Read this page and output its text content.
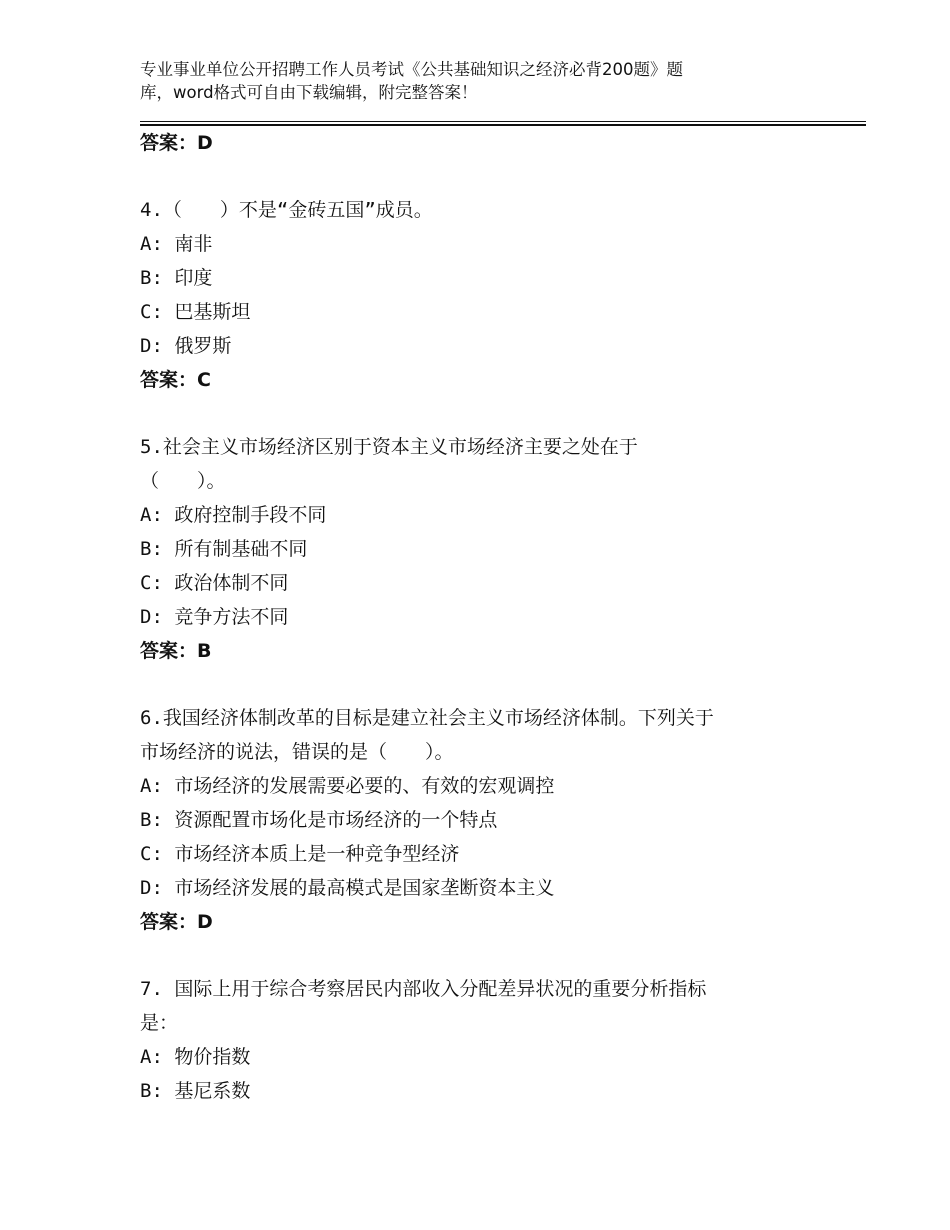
专业事业单位公开招聘工作人员考试《公共基础知识之经济必背200题》题
库，word格式可自由下载编辑，附完整答案！
答案：D
4.（　　）不是“金砖五国”成员。
A: 南非
B: 印度
C: 巴基斯坦
D: 俄罗斯
答案：C
5.社会主义市场经济区别于资本主义市场经济主要之处在于
（　　）。
A: 政府控制手段不同
B: 所有制基础不同
C: 政治体制不同
D: 竞争方法不同
答案：B
6.我国经济体制改革的目标是建立社会主义市场经济体制。下列关于
市场经济的说法，错误的是（　　）。
A: 市场经济的发展需要必要的、有效的宏观调控
B: 资源配置市场化是市场经济的一个特点
C: 市场经济本质上是一种竞争型经济
D: 市场经济发展的最高模式是国家垄断资本主义
答案：D
7. 国际上用于综合考察居民内部收入分配差异状况的重要分析指标
是：
A: 物价指数
B: 基尼系数
